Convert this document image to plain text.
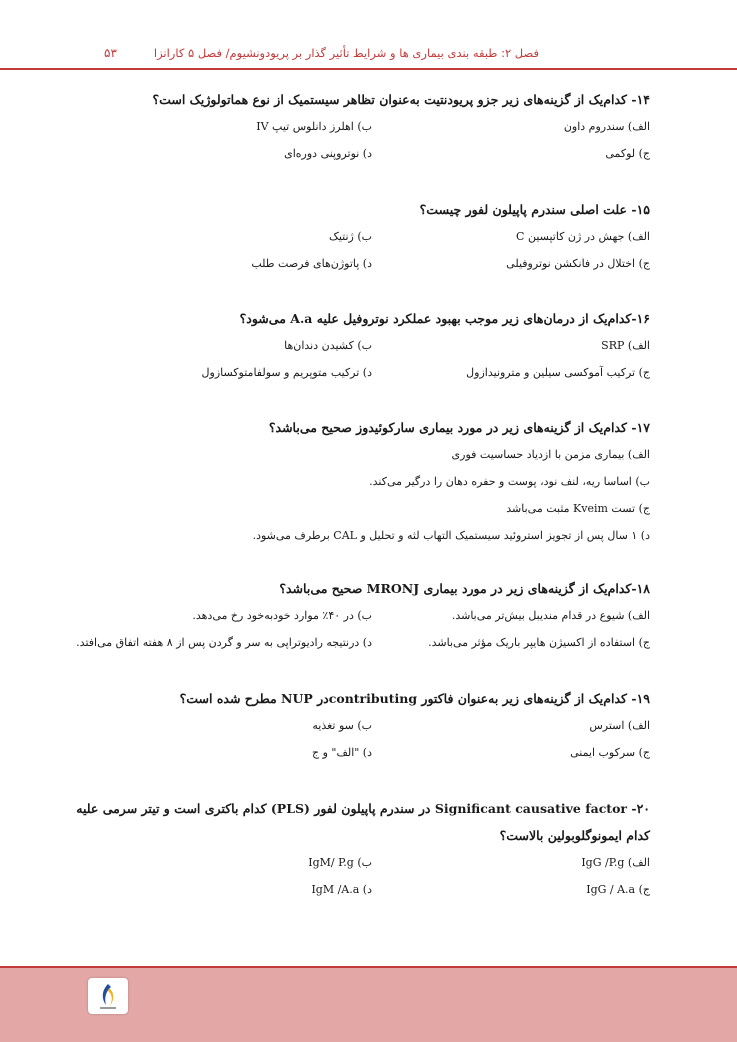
فصل ۲: طبقه بندی بیماری ها و شرایط تأثیر گذار بر پریودونشیوم/ فصل ۵ کارانزا
۵۳
۱۴- کدام‌یک از گزینه‌های زیر جزو پریودنتیت به‌عنوان تظاهر سیستمیک از نوع هماتولوژیک است؟
الف) سندروم داون
ب) اهلرز دانلوس تیپ IV
ج) لوکمی
د) نوتروپنی دوره‌ای
۱۵- علت اصلی سندرم پاپیلون لفور چیست؟
الف) جهش در ژن کاتپسین C
ب) ژنتیک
ج) اختلال در فانکشن نوتروفیلی
د) پاتوژن‌های فرصت طلب
۱۶-کدام‌یک از درمان‌های زیر موجب بهبود عملکرد نوتروفیل علیه A.a می‌شود؟
الف) SRP
ب) کشیدن دندان‌ها
ج) ترکیب آموکسی سیلین و مترونیدازول
د) ترکیب متوپریم و سولفامتوکسازول
۱۷- کدام‌یک از گزینه‌های زیر در مورد بیماری سارکوئیدوز صحیح می‌باشد؟
الف) بیماری مزمن با ازدیاد حساسیت فوری
ب) اساسا ریه، لنف نود، پوست و حفره دهان را درگیر می‌کند.
ج) تست Kveim مثبت می‌باشد
د) ۱ سال پس از تجویز استروئید سیستمیک التهاب لثه و تحلیل و CAL برطرف می‌شود.
۱۸-کدام‌یک از گزینه‌های زیر در مورد بیماری MRONJ صحیح می‌باشد؟
الف) شیوع در قدام مندیبل بیش‌تر می‌باشد.
ب) در ۴۰٪ موارد خودبه‌خود رخ می‌دهد.
ج) استفاده از اکسیژن هایپر باریک مؤثر می‌باشد.
د) درنتیجه رادیوتراپی به سر و گردن پس از ۸ هفته اتفاق می‌افتد.
۱۹- کدام‌یک از گزینه‌های زیر به‌عنوان فاکتور contributingدر NUP مطرح شده است؟
الف) استرس
ب) سو تغذیه
ج) سرکوب ایمنی
د) "الف" و ج
۲۰- Significant causative factor در سندرم پاپیلون لفور (PLS) کدام باکتری است و تیتر سرمی علیه کدام ایمونوگلوبولین بالاست؟
الف) IgG /P.g
ب) IgM/ P.g
ج) IgG / A.a
د) IgM /A.a
